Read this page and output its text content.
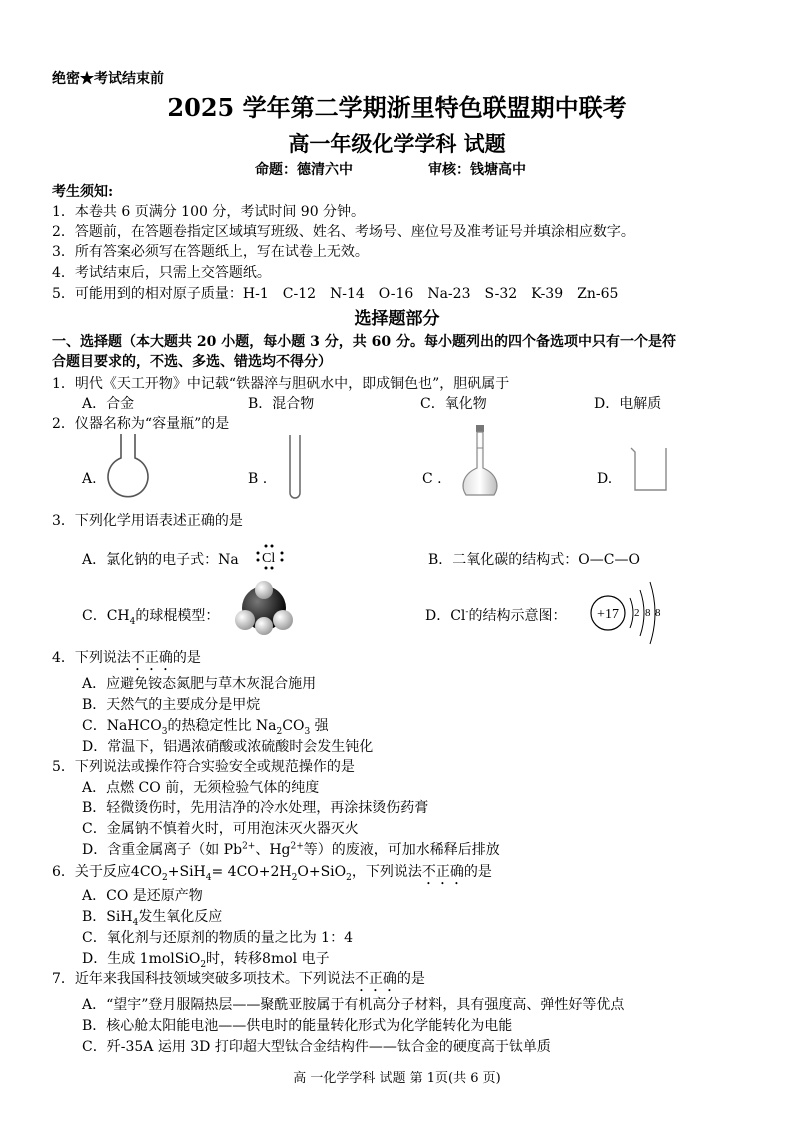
绝密★考试结束前
2025 学年第二学期浙里特色联盟期中联考
高一年级化学学科 试题
命题：德清六中	审核：钱塘高中
考生须知:
1．本卷共 6 页满分 100 分，考试时间 90 分钟。
2．答题前，在答题卷指定区域填写班级、姓名、考场号、座位号及准考证号并填涂相应数字。
3．所有答案必须写在答题纸上，写在试卷上无效。
4．考试结束后，只需上交答题纸。
5．可能用到的相对原子质量：H-1　C-12　N-14　O-16　Na-23　S-32　K-39　Zn-65
选择题部分
一、选择题（本大题共 20 小题，每小题 3 分，共 60 分。每小题列出的四个备选项中只有一个是符
合题目要求的，不选、多选、错选均不得分）
1．明代《天工开物》中记载“铁器淬与胆矾水中，即成铜色也”，胆矾属于
A．合金	B．混合物	C．氧化物	D．电解质
2．仪器名称为“容量瓶”的是
A.	B .	C .	D.
3．下列化学用语表述正确的是
A．氯化钠的电子式：Na Cl	B．二氧化碳的结构式：O—C—O
C．$CH_4$的球棍模型：	D．Cl-的结构示意图： +17 2 8 8
4．下列说法不正确的是
A．应避免铵态氮肥与草木灰混合施用
B．天然气的主要成分是甲烷
C．NaHCO$_3$的热稳定性比 $Na_2CO_3$ 强
D．常温下，铝遇浓硝酸或浓硫酸时会发生钝化
5．下列说法或操作符合实验安全或规范操作的是
A．点燃 CO 前，无须检验气体的纯度
B．轻微烫伤时，先用洁净的冷水处理，再涂抹烫伤药膏
C．金属钠不慎着火时，可用泡沫灭火器灭火
D．含重金属离子（如 $Pb^{2+}$、$Hg^{2+}$等）的废液，可加水稀释后排放
6．关于反应$4CO_2+SiH_4= 4CO+2H_2O+SiO_2$，下列说法不正确的是
A．CO 是还原产物
B．SiH$_4$发生氧化反应
C．氧化剂与还原剂的物质的量之比为 1：4
D．生成 1molSiO$_2$时，转移8mol 电子
7．近年来我国科技领域突破多项技术。下列说法不正确的是
A．“望宇”登月服隔热层——聚酰亚胺属于有机高分子材料，具有强度高、弹性好等优点
B．核心舱太阳能电池——供电时的能量转化形式为化学能转化为电能
C．歼-35A 运用 3D 打印超大型钛合金结构件——钛合金的硬度高于钛单质
高 一化学学科 试题 第 1页(共 6 页)
